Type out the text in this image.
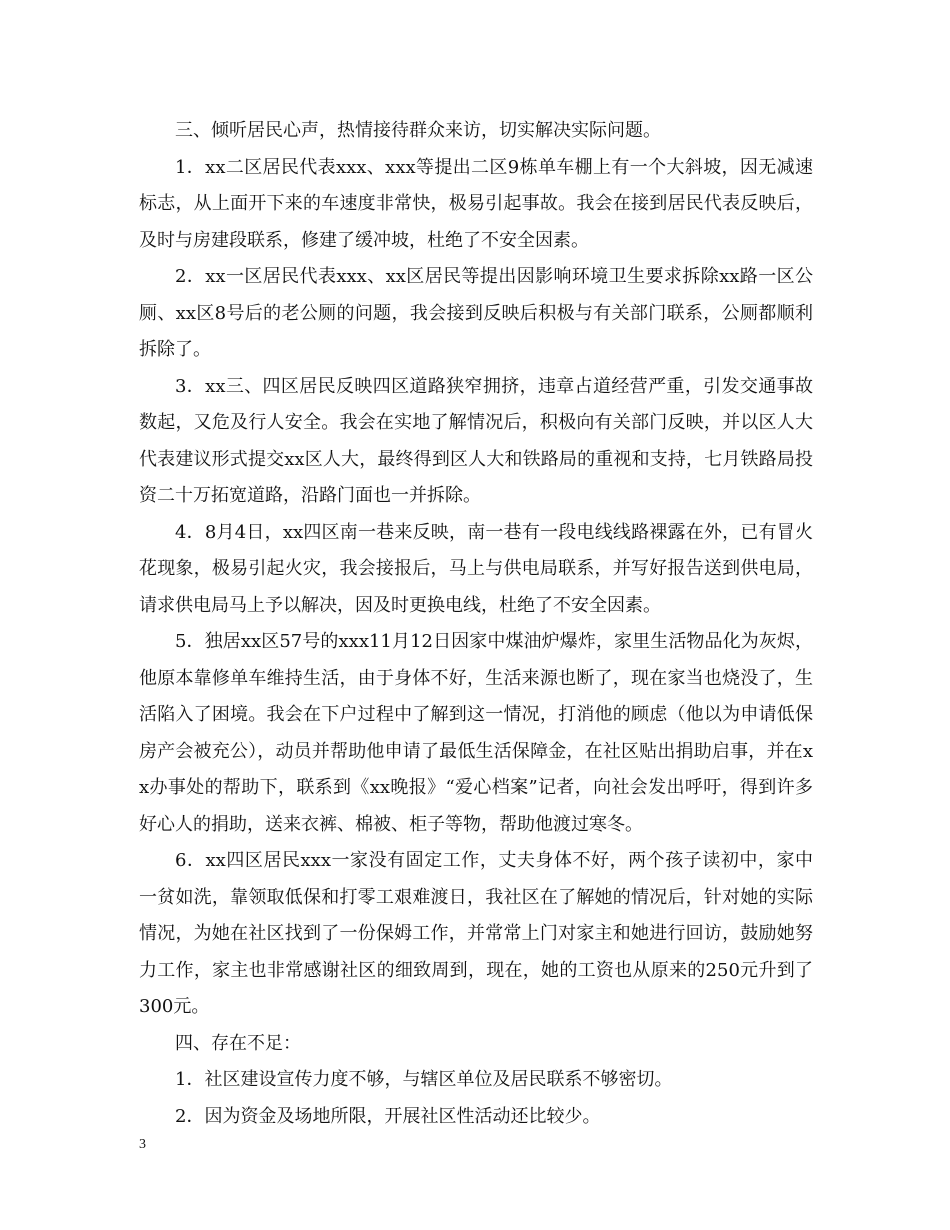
三、倾听居民心声，热情接待群众来访，切实解决实际问题。

1．xx二区居民代表xxx、xxx等提出二区9栋单车棚上有一个大斜坡，因无减速标志，从上面开下来的车速度非常快，极易引起事故。我会在接到居民代表反映后，及时与房建段联系，修建了缓冲坡，杜绝了不安全因素。

2．xx一区居民代表xxx、xx区居民等提出因影响环境卫生要求拆除xx路一区公厕、xx区8号后的老公厕的问题，我会接到反映后积极与有关部门联系，公厕都顺利拆除了。

3．xx三、四区居民反映四区道路狭窄拥挤，违章占道经营严重，引发交通事故数起，又危及行人安全。我会在实地了解情况后，积极向有关部门反映，并以区人大代表建议形式提交xx区人大，最终得到区人大和铁路局的重视和支持，七月铁路局投资二十万拓宽道路，沿路门面也一并拆除。

4．8月4日，xx四区南一巷来反映，南一巷有一段电线线路裸露在外，已有冒火花现象，极易引起火灾，我会接报后，马上与供电局联系，并写好报告送到供电局，请求供电局马上予以解决，因及时更换电线，杜绝了不安全因素。

5．独居xx区57号的xxx11月12日因家中煤油炉爆炸，家里生活物品化为灰烬，他原本靠修单车维持生活，由于身体不好，生活来源也断了，现在家当也烧没了，生活陷入了困境。我会在下户过程中了解到这一情况，打消他的顾虑（他以为申请低保房产会被充公），动员并帮助他申请了最低生活保障金，在社区贴出捐助启事，并在xx办事处的帮助下，联系到《xx晚报》“爱心档案”记者，向社会发出呼吁，得到许多好心人的捐助，送来衣裤、棉被、柜子等物，帮助他渡过寒冬。

6．xx四区居民xxx一家没有固定工作，丈夫身体不好，两个孩子读初中，家中一贫如洗，靠领取低保和打零工艰难渡日，我社区在了解她的情况后，针对她的实际情况，为她在社区找到了一份保姆工作，并常常上门对家主和她进行回访，鼓励她努力工作，家主也非常感谢社区的细致周到，现在，她的工资也从原来的250元升到了300元。

四、存在不足：

1．社区建设宣传力度不够，与辖区单位及居民联系不够密切。

2．因为资金及场地所限，开展社区性活动还比较少。

3
